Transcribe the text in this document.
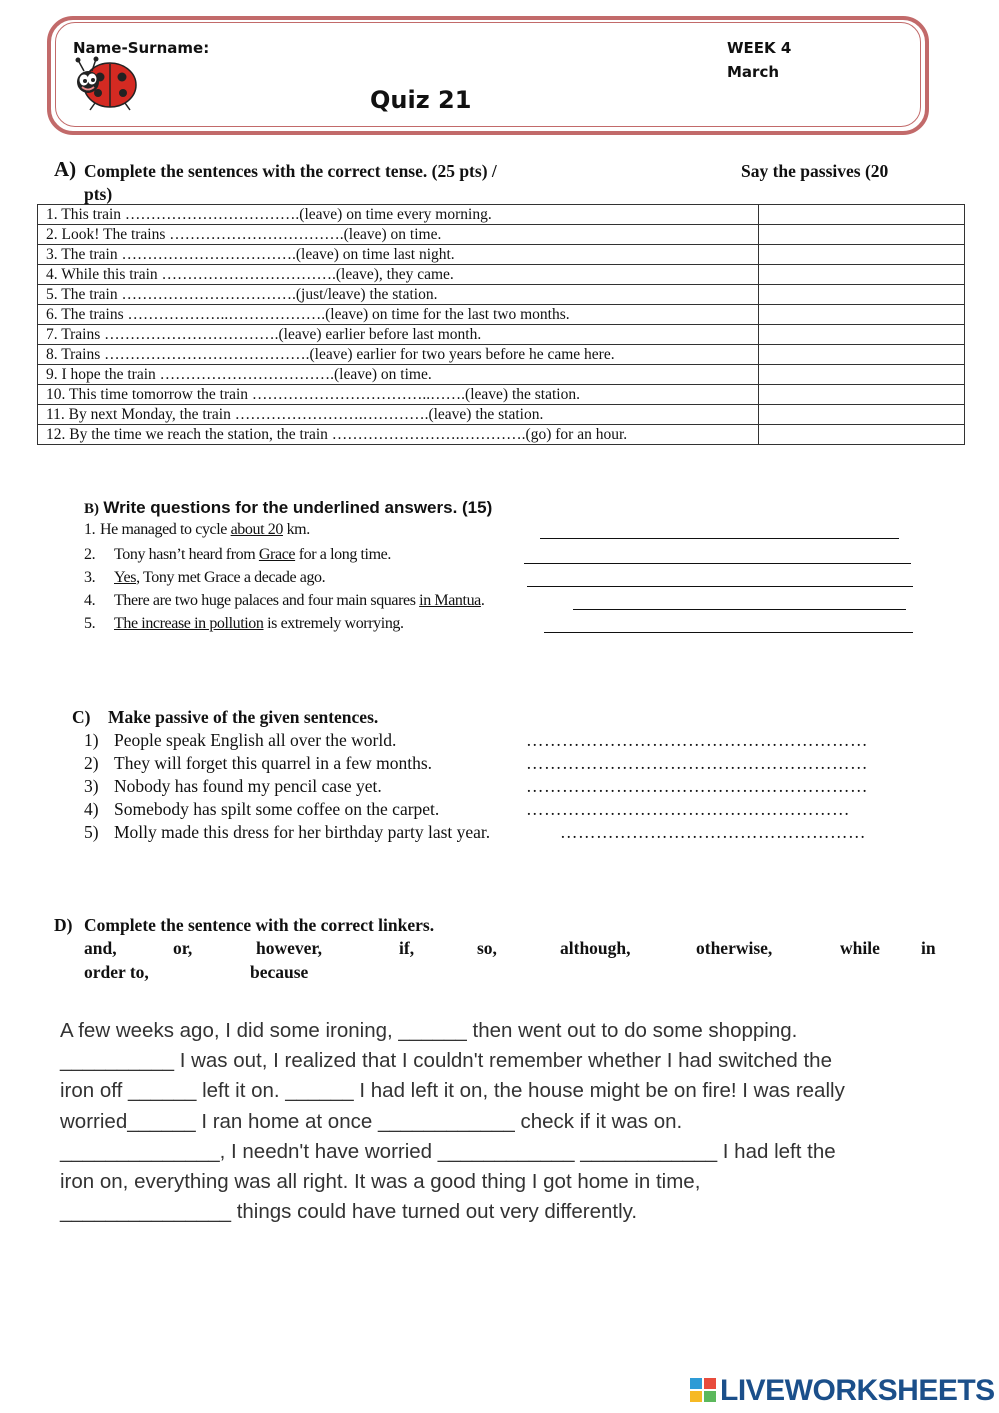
Name-Surname:	WEEK 4
March
Quiz 21
A) Complete the sentences with the correct tense. (25 pts) /	Say the passives (20
pts)
1. This train …………………………….(leave) on time every morning.	
2. Look! The trains …………………………….(leave) on time.	
3. The train …………………………….(leave) on time last night.	
4. While this train …………………………….(leave), they came.	
5. The train …………………………….(just/leave) the station.	
6. The trains ………………..……………….(leave) on time for the last two months.	
7. Trains …………………………….(leave) earlier before last month.	
8. Trains ………………………………….(leave) earlier for two years before he came here.	
9. I hope the train …………………………….(leave) on time.	
10. This time tomorrow the train ……………………………..…….(leave) the station.	
11. By next Monday, the train …………………….………….(leave) the station.	
12. By the time we reach the station, the train …………………….………….(go) for an hour.	
B) Write questions for the underlined answers. (15)
1. He managed to cycle about 20 km.
2. Tony hasn’t heard from Grace for a long time.
3. Yes, Tony met Grace a decade ago.
4. There are two huge palaces and four main squares in Mantua.
5. The increase in pollution is extremely worrying.
C) Make passive of the given sentences.
1) People speak English all over the world.	…………………………………………………
2) They will forget this quarrel in a few months.	…………………………………………………
3) Nobody has found my pencil case yet.	…………………………………………………
4) Somebody has spilt some coffee on the carpet.	………………………………………………
5) Molly made this dress for her birthday party last year.	……………………………………………
D) Complete the sentence with the correct linkers.
and,	or,	however,	if,	so,	although,	otherwise,	while in
order to,	because
A few weeks ago, I did some ironing, ______ then went out to do some shopping.
__________ I was out, I realized that I couldn't remember whether I had switched the
iron off ______ left it on. ______ I had left it on, the house might be on fire! I was really
worried______ I ran home at once ____________ check if it was on.
______________, I needn't have worried ____________ ____________ I had left the
iron on, everything was all right. It was a good thing I got home in time,
_______________ things could have turned out very differently.
LIVEWORKSHEETS
